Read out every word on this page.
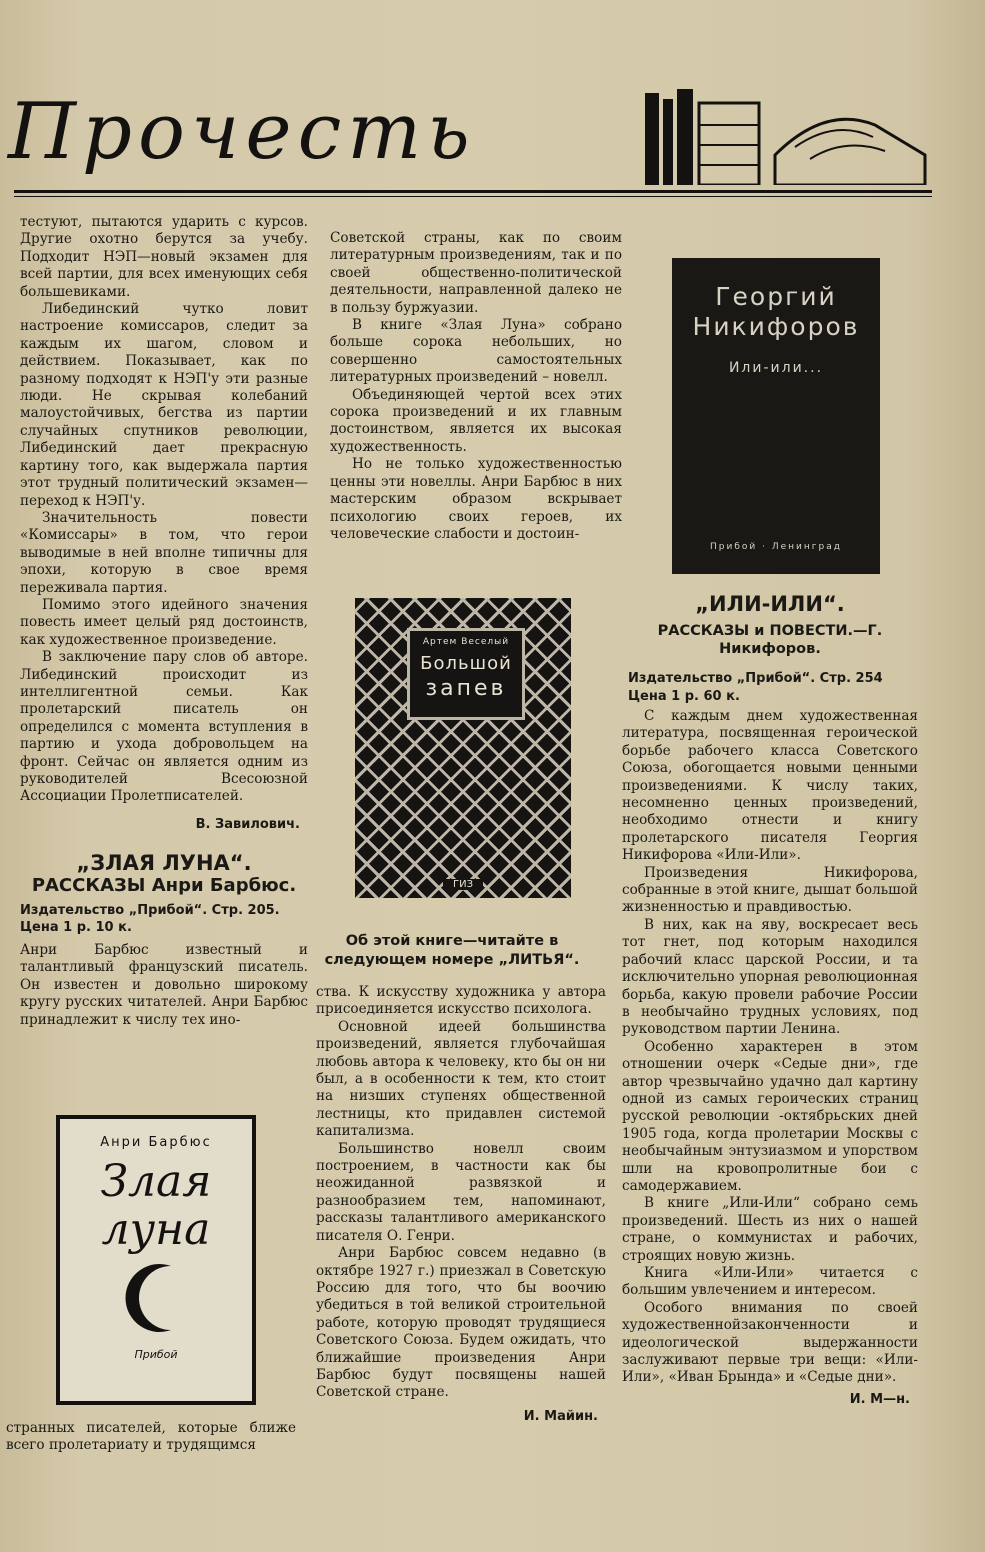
Прочесть

тестуют, пытаются ударить с курсов. Другие охотно берутся за учебу. Подходит НЭП—новый экзамен для всей партии, для всех именующих себя большевиками.

Либединский чутко ловит настроение комиссаров, следит за каждым их шагом, словом и действием. Показывает, как по разному подходят к НЭП'у эти разные люди. Не скрывая колебаний малоустойчивых, бегства из партии случайных спутников революции, Либединский дает прекрасную картину того, как выдержала партия этот трудный политический экзамен—переход к НЭП'у.

Значительность повести «Комиссары» в том, что герои выводимые в ней вполне типичны для эпохи, которую в свое время переживала партия.

Помимо этого идейного значения повесть имеет целый ряд достоинств, как художественное произведение.

В заключение пару слов об авторе. Либединский происходит из интеллигентной семьи. Как пролетарский писатель он определился с момента вступления в партию и ухода добровольцем на фронт. Сейчас он является одним из руководителей Всесоюзной Ассоциации Пролетписателей.

В. Завилович.
„ЗЛАЯ ЛУНА“.
РАССКАЗЫ Анри Барбюс.
Издательство „Прибой“. Стр. 205. Цена 1 р. 10 к.

Анри Барбюс известный и талантливый французский писатель. Он известен и довольно широкому кругу русских читателей. Анри Барбюс принадлежит к числу тех ино-

Анри Барбюс
Злая
луна
Прибой

странных писателей, которые ближе всего пролетариату и трудящимся

Советской страны, как по своим литературным произведениям, так и по своей общественно-политической деятельности, направленной далеко не в пользу буржуазии.

В книге «Злая Луна» собрано больше сорока небольших, но совершенно самостоятельных литературных произведений – новелл.

Объединяющей чертой всех этих сорока произведений и их главным достоинством, является их высокая художественность.

Но не только художественностью ценны эти новеллы. Анри Барбюс в них мастерским образом вскрывает психологию своих героев, их человеческие слабости и достоин-

Артем Веселый
Большой
запев
ГИЗ
Об этой книге—читайте в следующем номере „ЛИТЬЯ“.

ства. К искусству художника у автора присоединяется искусство психолога.

Основной идеей большинства произведений, является глубочайшая любовь автора к человеку, кто бы он ни был, а в особенности к тем, кто стоит на низших ступенях общественной лестницы, кто придавлен системой капитализма.

Большинство новелл своим построением, в частности как бы неожиданной развязкой и разнообразием тем, напоминают, рассказы талантливого американского писателя О. Генри.

Анри Барбюс совсем недавно (в октябре 1927 г.) приезжал в Советскую Россию для того, что бы воочию убедиться в той великой строительной работе, которую проводят трудящиеся Советского Союза. Будем ожидать, что ближайшие произведения Анри Барбюс будут посвящены нашей Советской стране.

И. Майин.
Георгий Никифоров
Или-или...
Прибой · Ленинград
„ИЛИ-ИЛИ“.
РАССКАЗЫ и ПОВЕСТИ.—Г. Никифоров.
Издательство „Прибой“. Стр. 254 Цена 1 р. 60 к.

С каждым днем художественная литература, посвященная героической борьбе рабочего класса Советского Союза, обогощается новыми ценными произведениями. К числу таких, несомненно ценных произведений, необходимо отнести и книгу пролетарского писателя Георгия Никифорова «Или-Или».

Произведения Никифорова, собранные в этой книге, дышат большой жизненностью и правдивостью.

В них, как на яву, воскресает весь тот гнет, под которым находился рабочий класс царской России, и та исключительно упорная революционная борьба, какую провели рабочие России в необычайно трудных условиях, под руководством партии Ленина.

Особенно характерен в этом отношении очерк «Седые дни», где автор чрезвычайно удачно дал картину одной из самых героических страниц русской революции -октябрьских дней 1905 года, когда пролетарии Москвы с необычайным энтузиазмом и упорством шли на кровопролитные бои с самодержавием.

В книге „Или-Или“ собрано семь произведений. Шесть из них о нашей стране, о коммунистах и рабочих, строящих новую жизнь.

Книга «Или-Или» читается с большим увлечением и интересом.

Особого внимания по своей художественнойзаконченности и идеологической выдержанности заслуживают первые три вещи: «Или-Или», «Иван Брында» и «Седые дни».

И. М—н.
